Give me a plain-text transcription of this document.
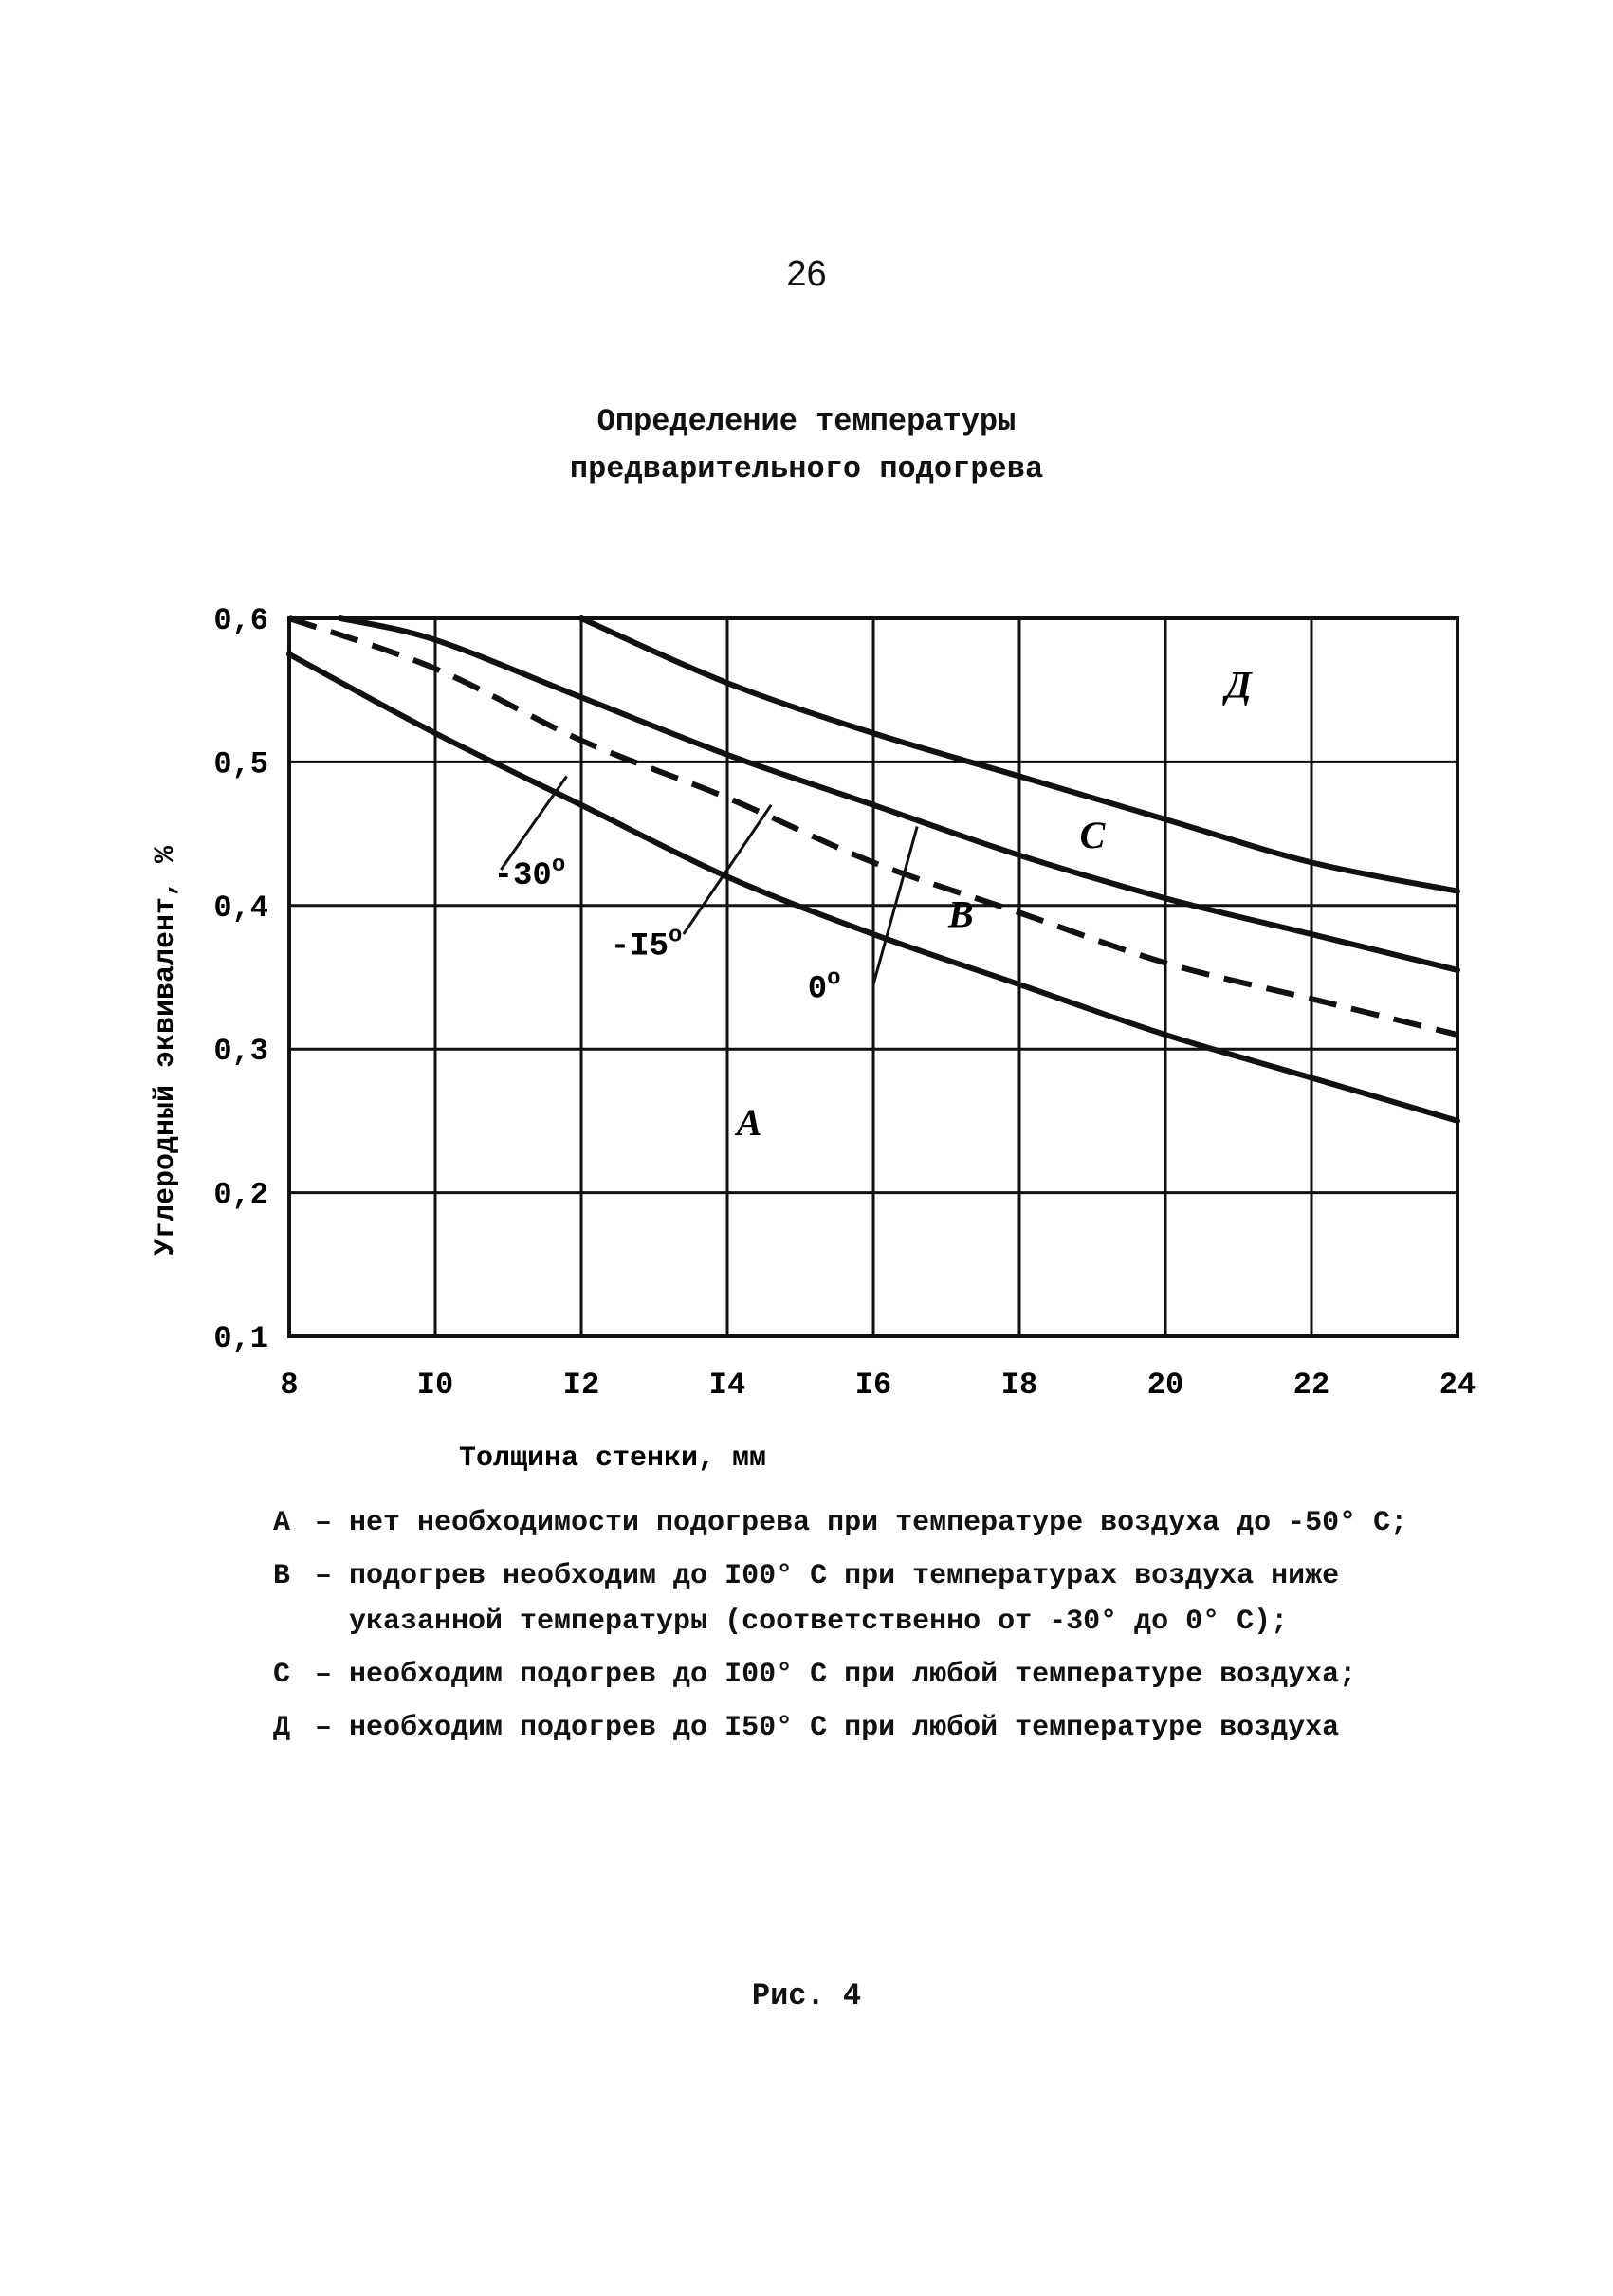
26
Определение температуры
предварительного подогрева
-30$^o$
-I5$^o$
0$^o$
А
В
С
Д
8	I0	I2	I4	I6	I8	20	22	24
0,1
0,2
0,3
0,4
0,5
0,6
Толщина стенки, мм
Углеродный эквивалент, %
А – нет необходимости подогрева при температуре воздуха до -50° С;
В – подогрев необходим до I00° С при температурах воздуха ниже указанной температуры (соответственно от -30° до 0° С);
С – необходим подогрев до I00° С при любой температуре воздуха;
Д – необходим подогрев до I50° С при любой температуре воздуха
Рис. 4
